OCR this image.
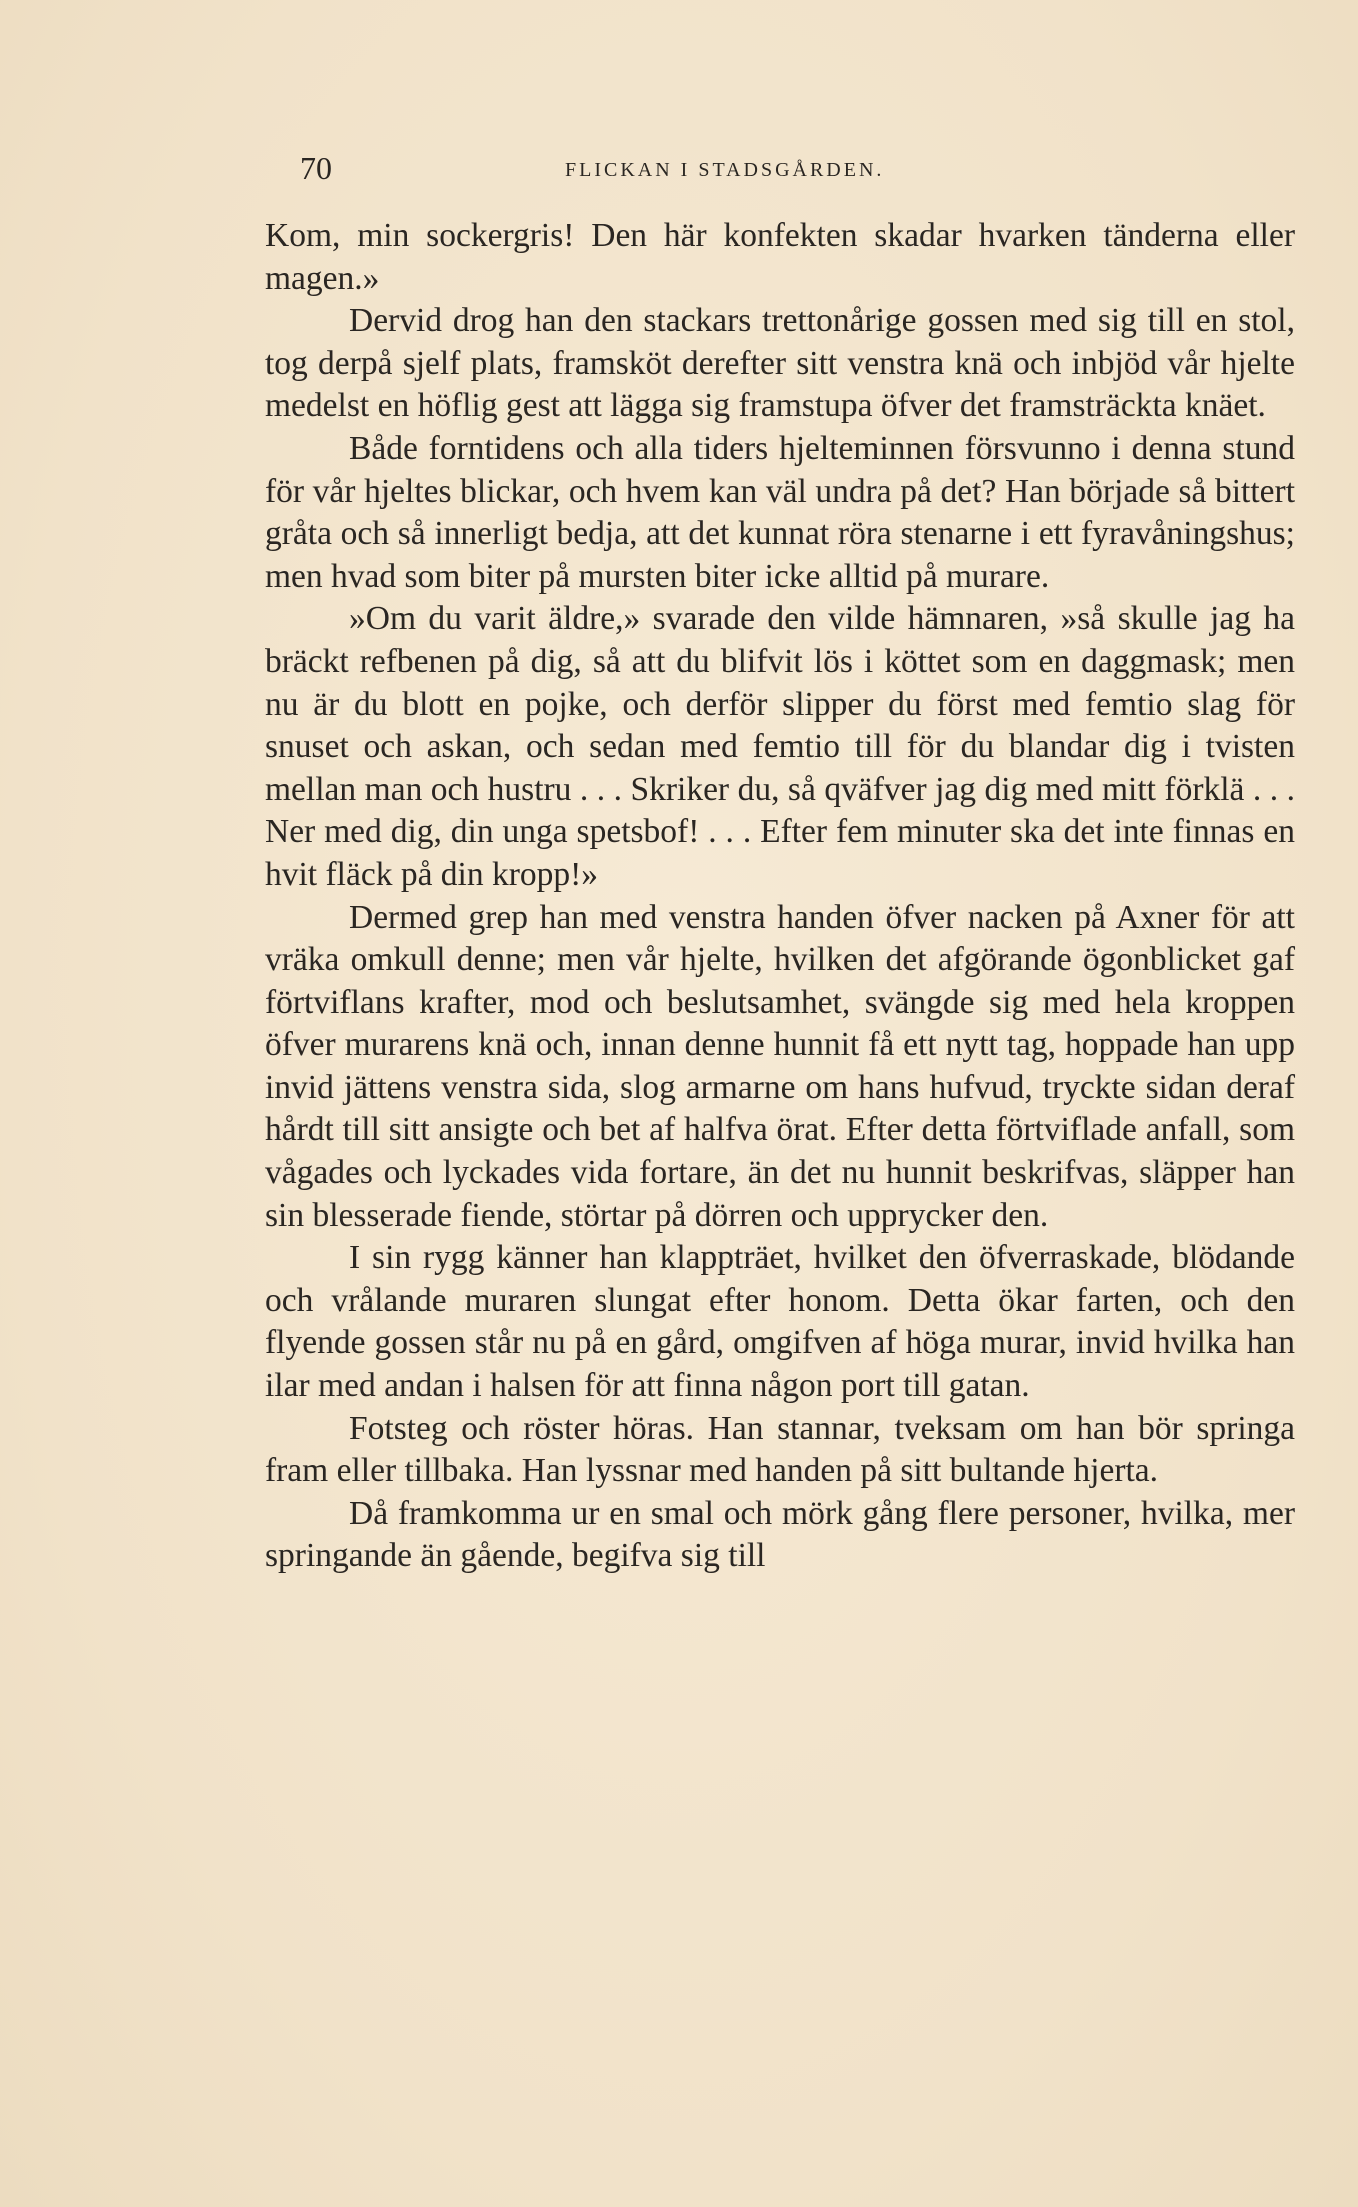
70	FLICKAN I STADSGÅRDEN.

Kom, min sockergris! Den här konfekten skadar hvarken tänderna eller magen.»

Dervid drog han den stackars trettonårige gossen med sig till en stol, tog derpå sjelf plats, framsköt derefter sitt venstra knä och inbjöd vår hjelte medelst en höflig gest att lägga sig framstupa öfver det framsträckta knäet.

Både forntidens och alla tiders hjelteminnen försvunno i denna stund för vår hjeltes blickar, och hvem kan väl undra på det? Han började så bittert gråta och så innerligt bedja, att det kunnat röra stenarne i ett fyravåningshus; men hvad som biter på mursten biter icke alltid på murare.

»Om du varit äldre,» svarade den vilde hämnaren, »så skulle jag ha bräckt refbenen på dig, så att du blifvit lös i köttet som en daggmask; men nu är du blott en pojke, och derför slipper du först med femtio slag för snuset och askan, och sedan med femtio till för du blandar dig i tvisten mellan man och hustru . . . Skriker du, så qväfver jag dig med mitt förklä . . . Ner med dig, din unga spetsbof! . . . Efter fem minuter ska det inte finnas en hvit fläck på din kropp!»

Dermed grep han med venstra handen öfver nacken på Axner för att vräka omkull denne; men vår hjelte, hvilken det afgörande ögonblicket gaf förtviflans krafter, mod och beslutsamhet, svängde sig med hela kroppen öfver murarens knä och, innan denne hunnit få ett nytt tag, hoppade han upp invid jättens venstra sida, slog armarne om hans hufvud, tryckte sidan deraf hårdt till sitt ansigte och bet af halfva örat. Efter detta förtviflade anfall, som vågades och lyckades vida fortare, än det nu hunnit beskrifvas, släpper han sin blesserade fiende, störtar på dörren och upprycker den.

I sin rygg känner han klappträet, hvilket den öfverraskade, blödande och vrålande muraren slungat efter honom. Detta ökar farten, och den flyende gossen står nu på en gård, omgifven af höga murar, invid hvilka han ilar med andan i halsen för att finna någon port till gatan.

Fotsteg och röster höras. Han stannar, tveksam om han bör springa fram eller tillbaka. Han lyssnar med handen på sitt bultande hjerta.

Då framkomma ur en smal och mörk gång flere personer, hvilka, mer springande än gående, begifva sig till
